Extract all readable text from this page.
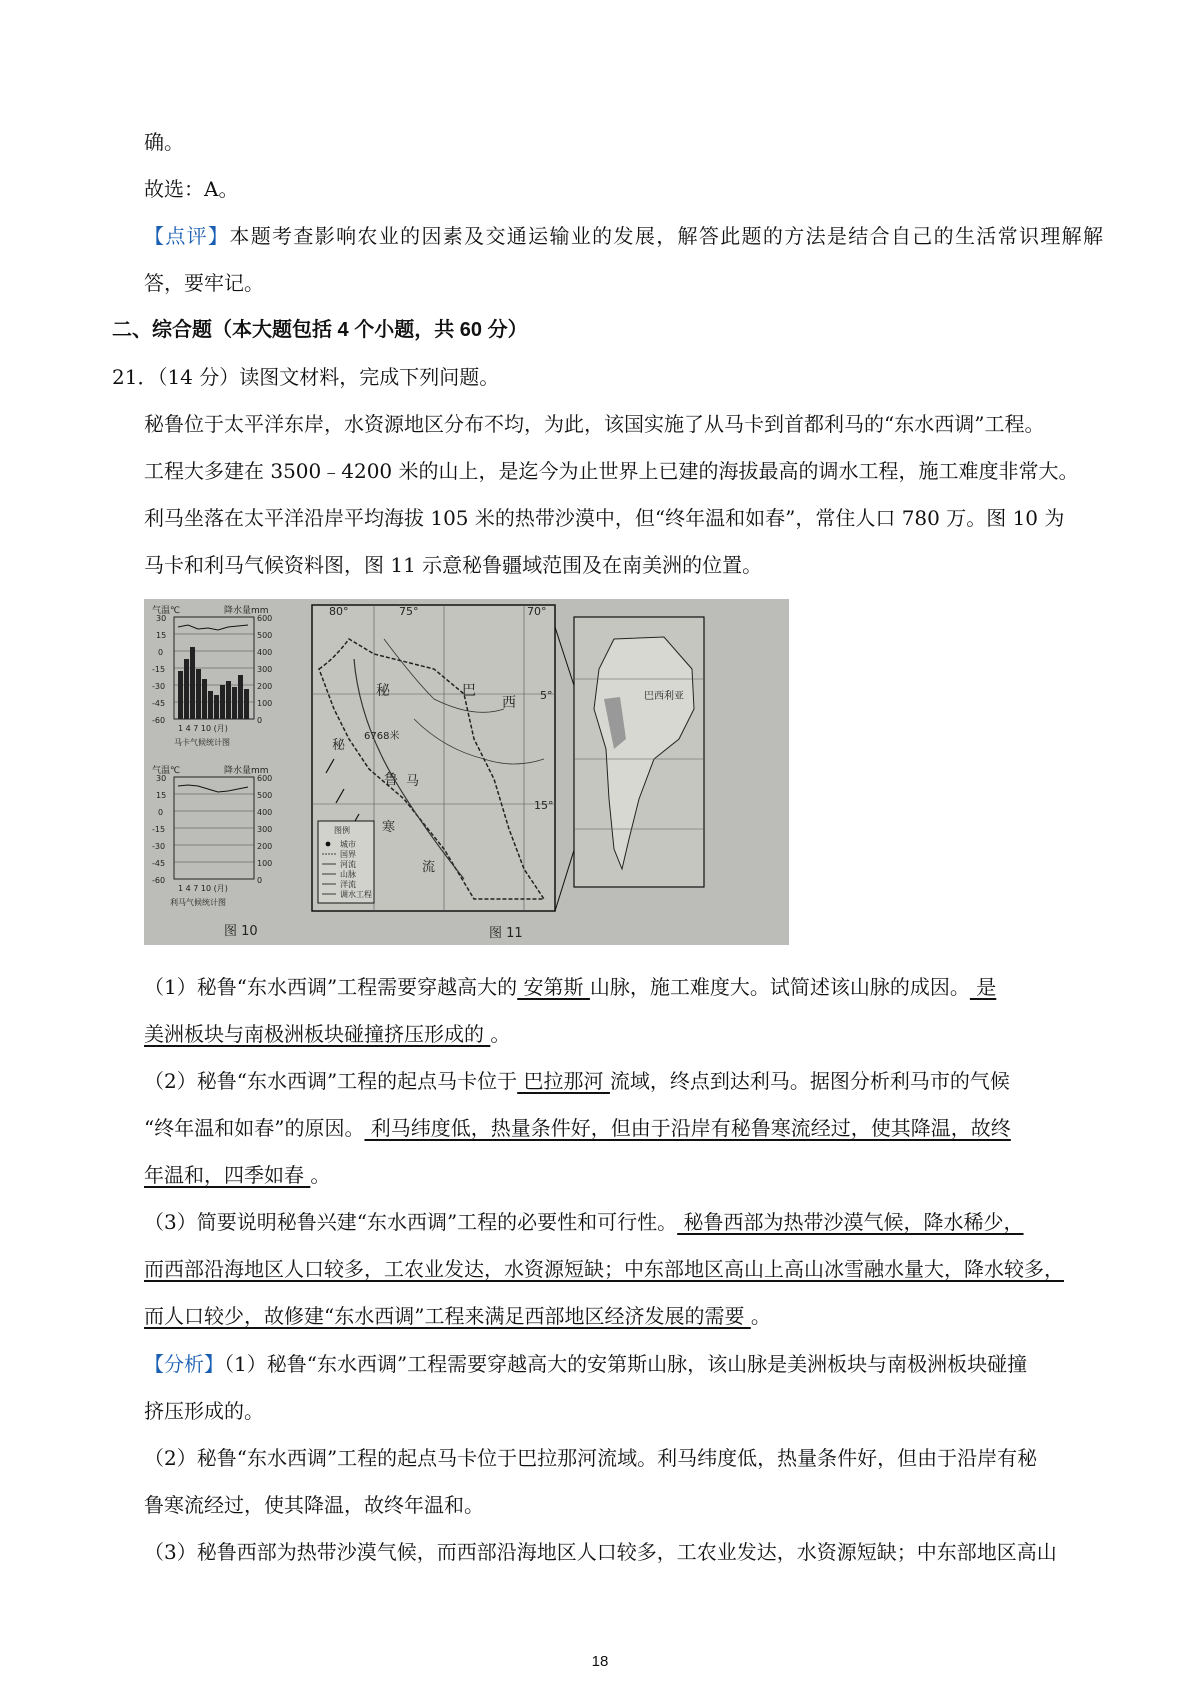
确。
故选：A。
【点评】本题考查影响农业的因素及交通运输业的发展，解答此题的方法是结合自己的生活常识理解解
答，要牢记。
二、综合题（本大题包括 4 个小题，共 60 分）
21．（14 分）读图文材料，完成下列问题。
秘鲁位于太平洋东岸，水资源地区分布不均，为此，该国实施了从马卡到首都利马的“东水西调”工程。
工程大多建在 3500﹣4200 米的山上，是迄今为止世界上已建的海拔最高的调水工程，施工难度非常大。
利马坐落在太平洋沿岸平均海拔 105 米的热带沙漠中，但“终年温和如春”，常住人口 780 万。图 10 为
马卡和利马气候资料图，图 11 示意秘鲁疆域范围及在南美洲的位置。
气温℃	降水量mm
30
15
0
-15
-30
-45
-60
600
500
400
300
200
100
0
1 4 7 10 (月)
马卡气候统计图
气温℃	降水量mm
30
15
0
-15
-30
-45
-60
600
500
400
300
200
100
0
1 4 7 10 (月)
利马气候统计图
图 10
80°	75°	70°
5°
15°
秘
鲁
巴
西
马
6768米
秘
寒
流
图例
城市
国界
河流
山脉
洋流
调水工程
图 11
巴西利亚
（1）秘鲁“东水西调”工程需要穿越高大的 安第斯 山脉，施工难度大。试简述该山脉的成因。 是
美洲板块与南极洲板块碰撞挤压形成的 。
（2）秘鲁“东水西调”工程的起点马卡位于 巴拉那河 流域，终点到达利马。据图分析利马市的气候
“终年温和如春”的原因。 利马纬度低，热量条件好，但由于沿岸有秘鲁寒流经过，使其降温，故终
年温和，四季如春 。
（3）简要说明秘鲁兴建“东水西调”工程的必要性和可行性。 秘鲁西部为热带沙漠气候，降水稀少，
而西部沿海地区人口较多，工农业发达，水资源短缺；中东部地区高山上高山冰雪融水量大，降水较多，
而人口较少，故修建“东水西调”工程来满足西部地区经济发展的需要 。
【分析】（1）秘鲁“东水西调”工程需要穿越高大的安第斯山脉，该山脉是美洲板块与南极洲板块碰撞
挤压形成的。
（2）秘鲁“东水西调”工程的起点马卡位于巴拉那河流域。利马纬度低，热量条件好，但由于沿岸有秘
鲁寒流经过，使其降温，故终年温和。
（3）秘鲁西部为热带沙漠气候，而西部沿海地区人口较多，工农业发达，水资源短缺；中东部地区高山
18
